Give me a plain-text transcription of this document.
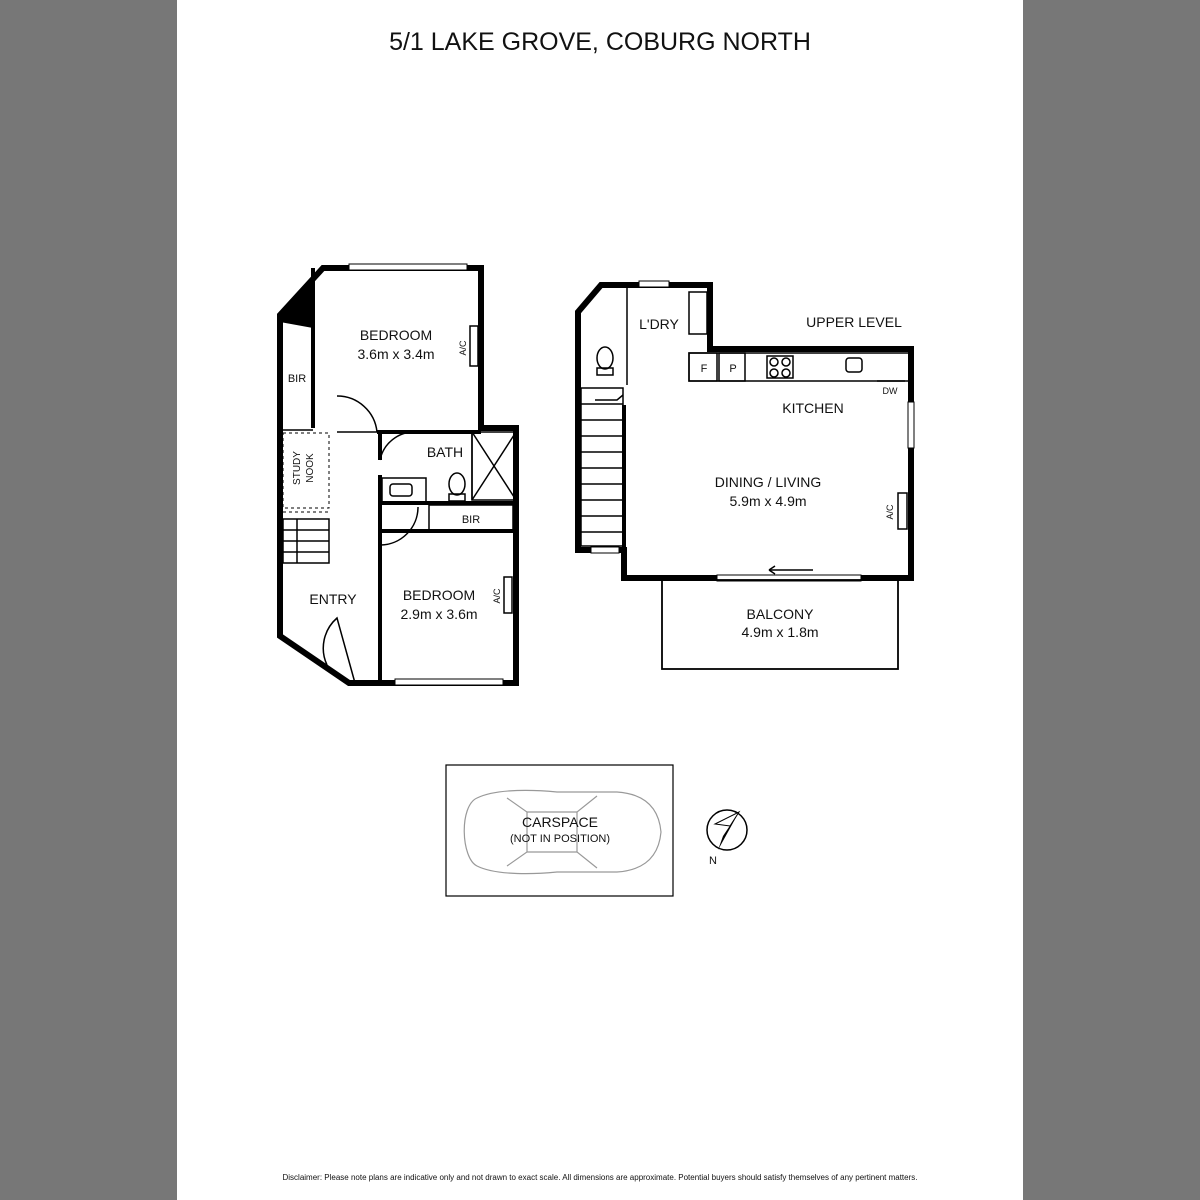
5/1 LAKE GROVE, COBURG NORTH
BEDROOM
3.6m x 3.4m	A/C
BIR
STUDY NOOK
BATH
BIR
ENTRY	BEDROOM
2.9m x 3.6m
A/C
UPPER LEVEL
L'DRY
F P
DW
KITCHEN
DINING / LIVING
5.9m x 4.9m
A/C
BALCONY
4.9m x 1.8m
CARSPACE
(NOT IN POSITION)
N
Disclaimer: Please note plans are indicative only and not drawn to exact scale. All dimensions are approximate. Potential buyers should satisfy themselves of any pertinent matters.
